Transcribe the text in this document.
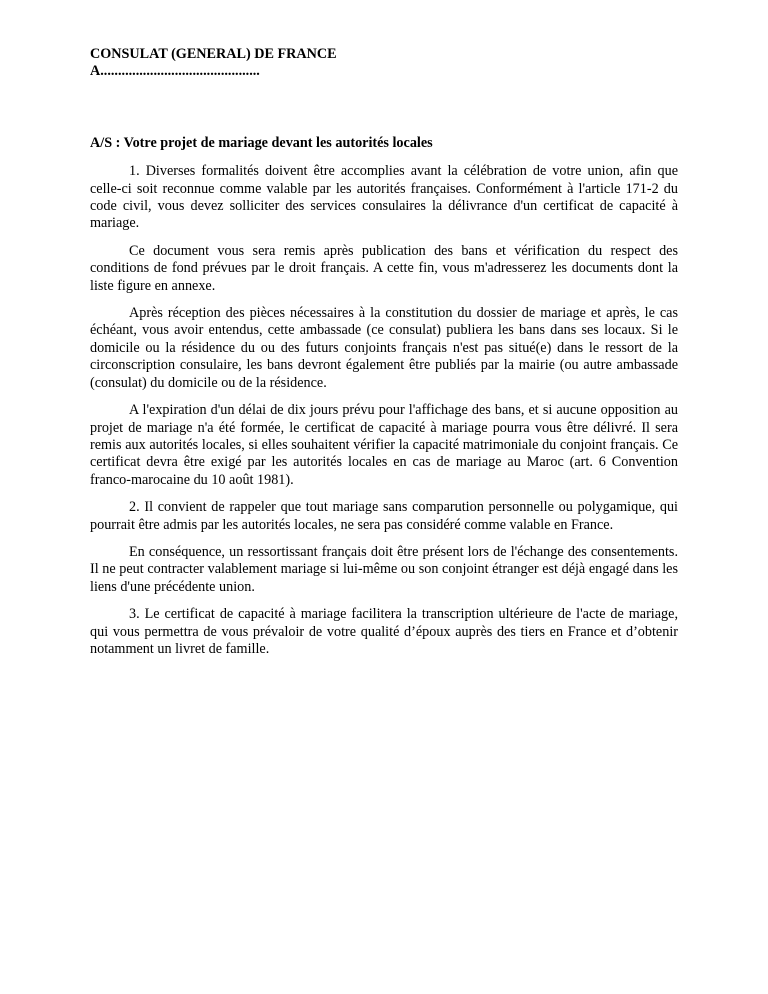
CONSULAT (GENERAL) DE FRANCE

A.............................................

A/S : Votre projet de mariage devant les autorités locales

1. Diverses formalités doivent être accomplies avant la célébration de votre union, afin que celle-ci soit reconnue comme valable par les autorités françaises. Conformément à l'article 171-2 du code civil, vous devez solliciter des services consulaires la délivrance d'un certificat de capacité à mariage.

Ce document vous sera remis après publication des bans et vérification du respect des conditions de fond prévues par le droit français. A cette fin, vous m'adresserez les documents dont la liste figure en annexe.

Après réception des pièces nécessaires à la constitution du dossier de mariage et après, le cas échéant, vous avoir entendus, cette ambassade (ce consulat) publiera les bans dans ses locaux. Si le domicile ou la résidence du ou des futurs conjoints français n'est pas situé(e) dans le ressort de la circonscription consulaire, les bans devront également être publiés par la mairie (ou autre ambassade (consulat) du domicile ou de la résidence.

A l'expiration d'un délai de dix jours prévu pour l'affichage des bans, et si aucune opposition au projet de mariage n'a été formée, le certificat de capacité à mariage pourra vous être délivré. Il sera remis aux autorités locales, si elles souhaitent vérifier la capacité matrimoniale du conjoint français. Ce certificat devra être exigé par les autorités locales en cas de mariage au Maroc (art. 6 Convention franco-marocaine du 10 août 1981).

2. Il convient de rappeler que tout mariage sans comparution personnelle ou polygamique, qui pourrait être admis par les autorités locales, ne sera pas considéré comme valable en France.

En conséquence, un ressortissant français doit être présent lors de l'échange des consentements. Il ne peut contracter valablement mariage si lui-même ou son conjoint étranger est déjà engagé dans les liens d'une précédente union.

3. Le certificat de capacité à mariage facilitera la transcription ultérieure de l'acte de mariage, qui vous permettra de vous prévaloir de votre qualité d’époux auprès des tiers en France et d’obtenir notamment un livret de famille.
